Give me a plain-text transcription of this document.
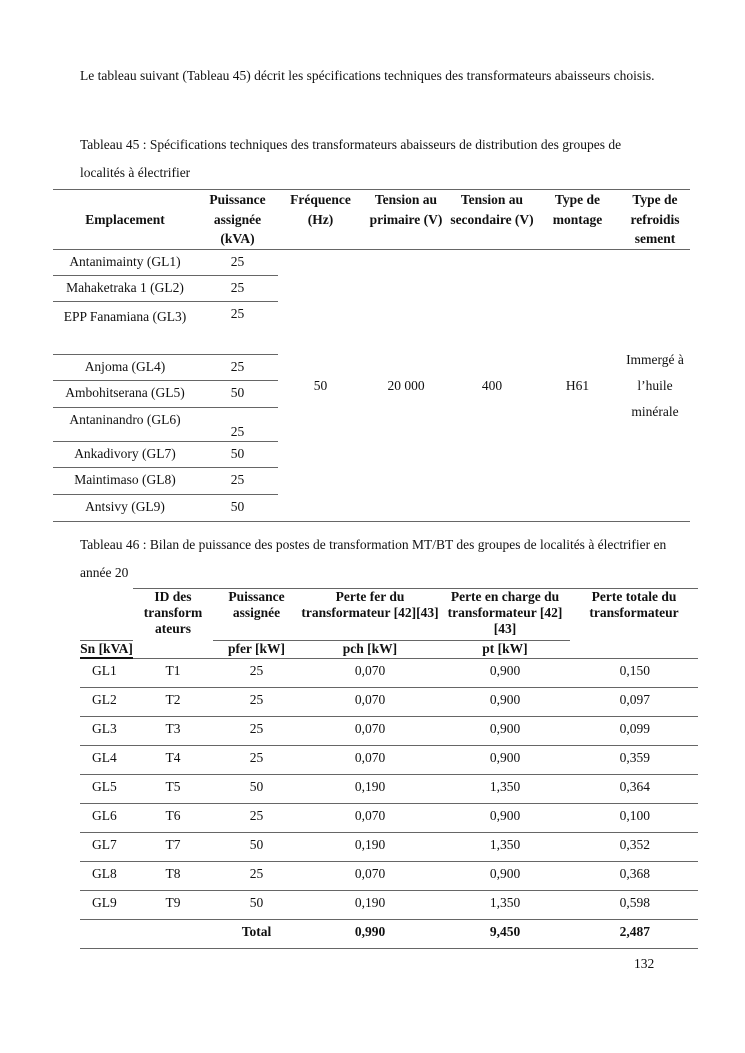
Le tableau suivant (Tableau 45) décrit les spécifications techniques des transformateurs abaisseurs choisis.
Tableau 45 : Spécifications techniques des transformateurs abaisseurs de distribution des groupes de localités à électrifier
Emplacement	Puissance assignée (kVA)	Fréquence (Hz)	Tension au primaire (V)	Tension au secondaire (V)	Type de montage	Type de refroidis sement
Antanimainty (GL1)	25	50	20 000	400	H61	Immergé à l’huile minérale
Mahaketraka 1 (GL2)	25					
EPP Fanamiana (GL3)	25					
Anjoma (GL4)	25					
Ambohitserana (GL5)	50					
Antaninandro (GL6)	25					
Ankadivory (GL7)	50					
Maintimaso (GL8)	25					
Antsivy (GL9)	50					
Tableau 46 : Bilan de puissance des postes de transformation MT/BT des groupes de localités à électrifier en année 20
	ID des transform ateurs	Puissance assignée	Perte fer du transformateur [42][43]	Perte en charge du transformateur [42][43]	Perte totale du transformateur
Sn [kVA]		pfer [kW]	pch [kW]	pt [kW]	
GL1	T1	25	0,070	0,900	0,150
GL2	T2	25	0,070	0,900	0,097
GL3	T3	25	0,070	0,900	0,099
GL4	T4	25	0,070	0,900	0,359
GL5	T5	50	0,190	1,350	0,364
GL6	T6	25	0,070	0,900	0,100
GL7	T7	50	0,190	1,350	0,352
GL8	T8	25	0,070	0,900	0,368
GL9	T9	50	0,190	1,350	0,598
		Total	0,990	9,450	2,487
132
